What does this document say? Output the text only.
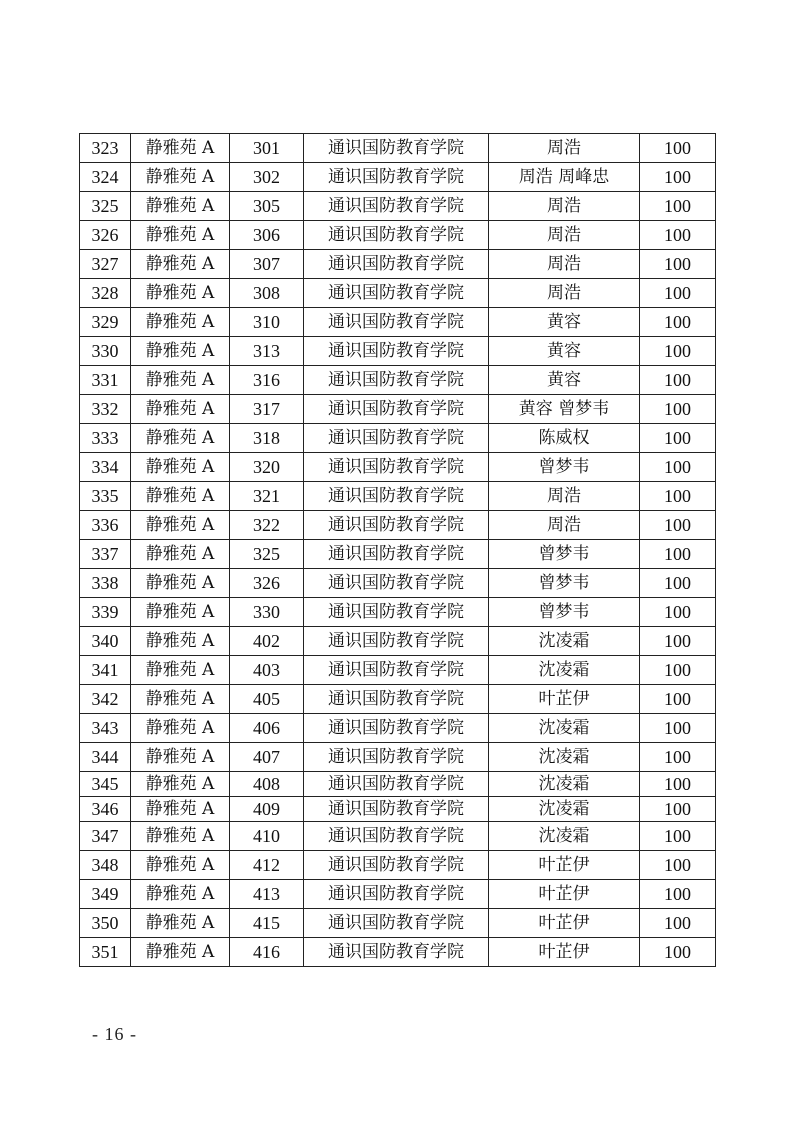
323	静雅苑 A	301	通识国防教育学院	周浩	100
324	静雅苑 A	302	通识国防教育学院	周浩 周峰忠	100
325	静雅苑 A	305	通识国防教育学院	周浩	100
326	静雅苑 A	306	通识国防教育学院	周浩	100
327	静雅苑 A	307	通识国防教育学院	周浩	100
328	静雅苑 A	308	通识国防教育学院	周浩	100
329	静雅苑 A	310	通识国防教育学院	黄容	100
330	静雅苑 A	313	通识国防教育学院	黄容	100
331	静雅苑 A	316	通识国防教育学院	黄容	100
332	静雅苑 A	317	通识国防教育学院	黄容 曾梦韦	100
333	静雅苑 A	318	通识国防教育学院	陈威权	100
334	静雅苑 A	320	通识国防教育学院	曾梦韦	100
335	静雅苑 A	321	通识国防教育学院	周浩	100
336	静雅苑 A	322	通识国防教育学院	周浩	100
337	静雅苑 A	325	通识国防教育学院	曾梦韦	100
338	静雅苑 A	326	通识国防教育学院	曾梦韦	100
339	静雅苑 A	330	通识国防教育学院	曾梦韦	100
340	静雅苑 A	402	通识国防教育学院	沈凌霜	100
341	静雅苑 A	403	通识国防教育学院	沈凌霜	100
342	静雅苑 A	405	通识国防教育学院	叶芷伊	100
343	静雅苑 A	406	通识国防教育学院	沈凌霜	100
344	静雅苑 A	407	通识国防教育学院	沈凌霜	100
345	静雅苑 A	408	通识国防教育学院	沈凌霜	100
346	静雅苑 A	409	通识国防教育学院	沈凌霜	100
347	静雅苑 A	410	通识国防教育学院	沈凌霜	100
348	静雅苑 A	412	通识国防教育学院	叶芷伊	100
349	静雅苑 A	413	通识国防教育学院	叶芷伊	100
350	静雅苑 A	415	通识国防教育学院	叶芷伊	100
351	静雅苑 A	416	通识国防教育学院	叶芷伊	100
- 16 -
